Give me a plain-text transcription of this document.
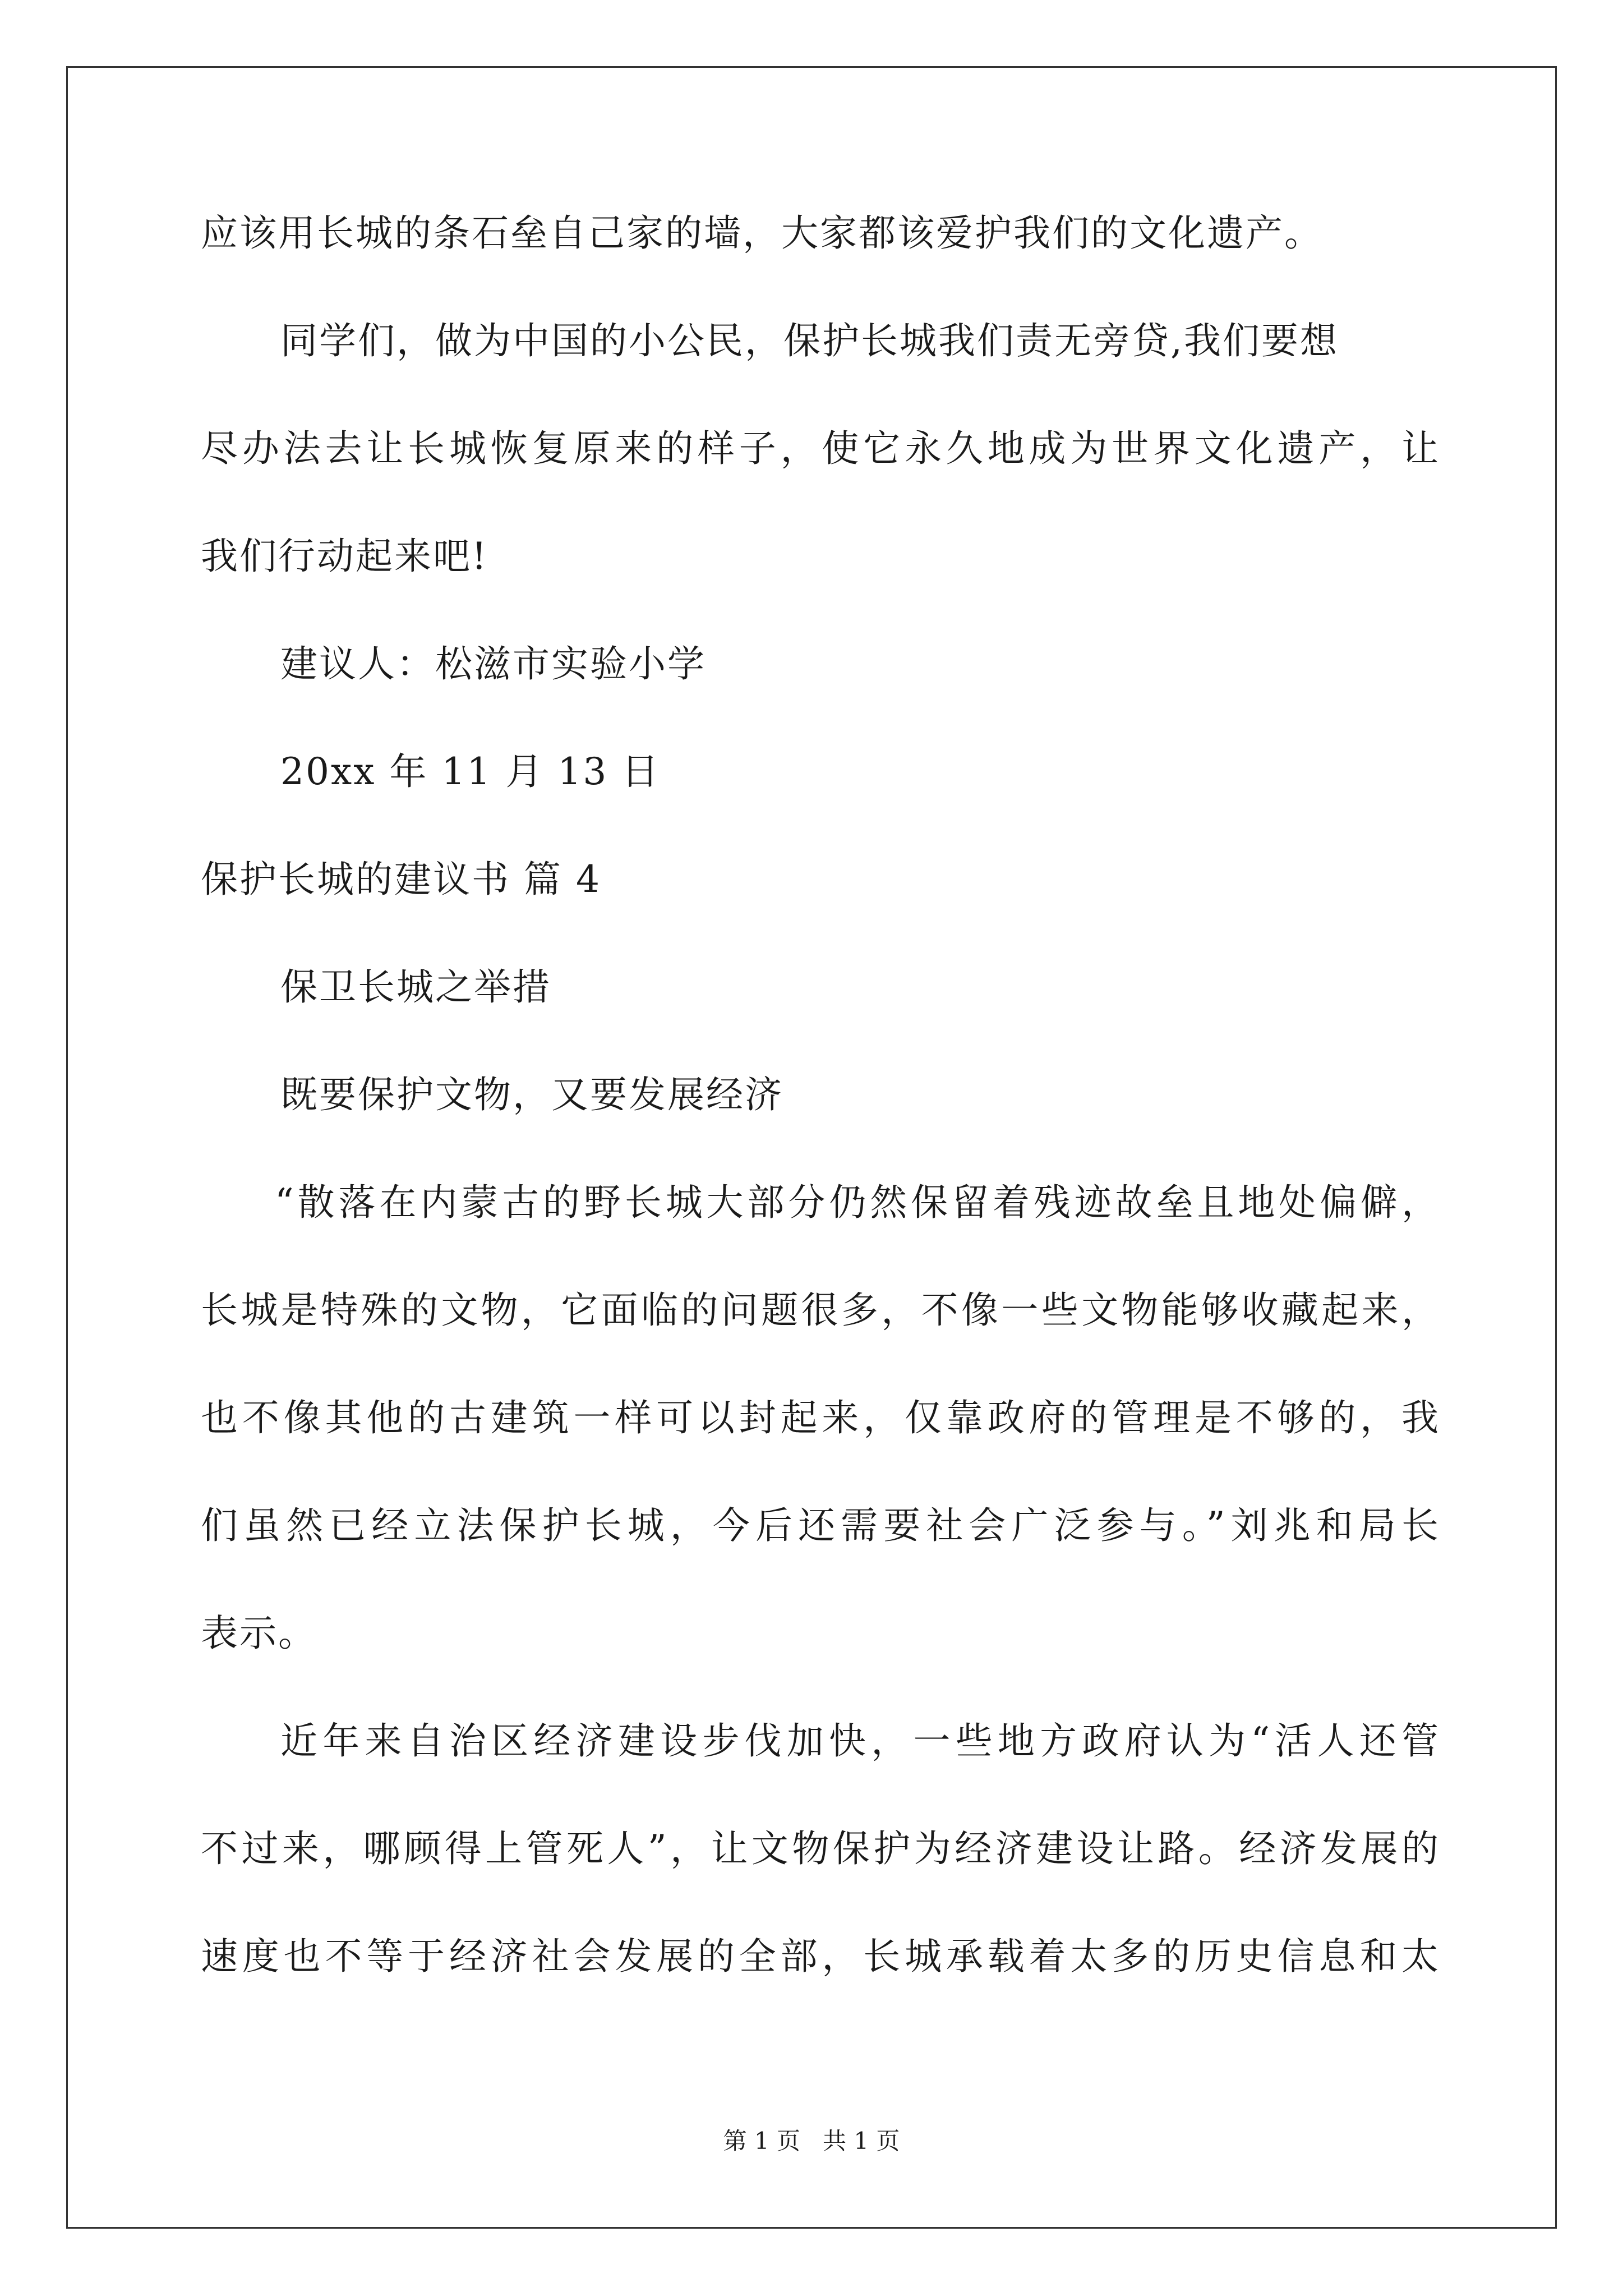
应该用长城的条石垒自己家的墙，大家都该爱护我们的文化遗产。
同学们，做为中国的小公民，保护长城我们责无旁贷,我们要想
尽办法去让长城恢复原来的样子，使它永久地成为世界文化遗产，让
我们行动起来吧!
建议人：松滋市实验小学
20xx 年 11 月 13 日
保护长城的建议书 篇 4
保卫长城之举措
既要保护文物，又要发展经济
“散落在内蒙古的野长城大部分仍然保留着残迹故垒且地处偏僻，
长城是特殊的文物，它面临的问题很多，不像一些文物能够收藏起来，
也不像其他的古建筑一样可以封起来，仅靠政府的管理是不够的，我
们虽然已经立法保护长城，今后还需要社会广泛参与。”刘兆和局长
表示。
近年来自治区经济建设步伐加快，一些地方政府认为“活人还管
不过来，哪顾得上管死人”，让文物保护为经济建设让路。经济发展的
速度也不等于经济社会发展的全部，长城承载着太多的历史信息和太
第 1 页 共 1 页
